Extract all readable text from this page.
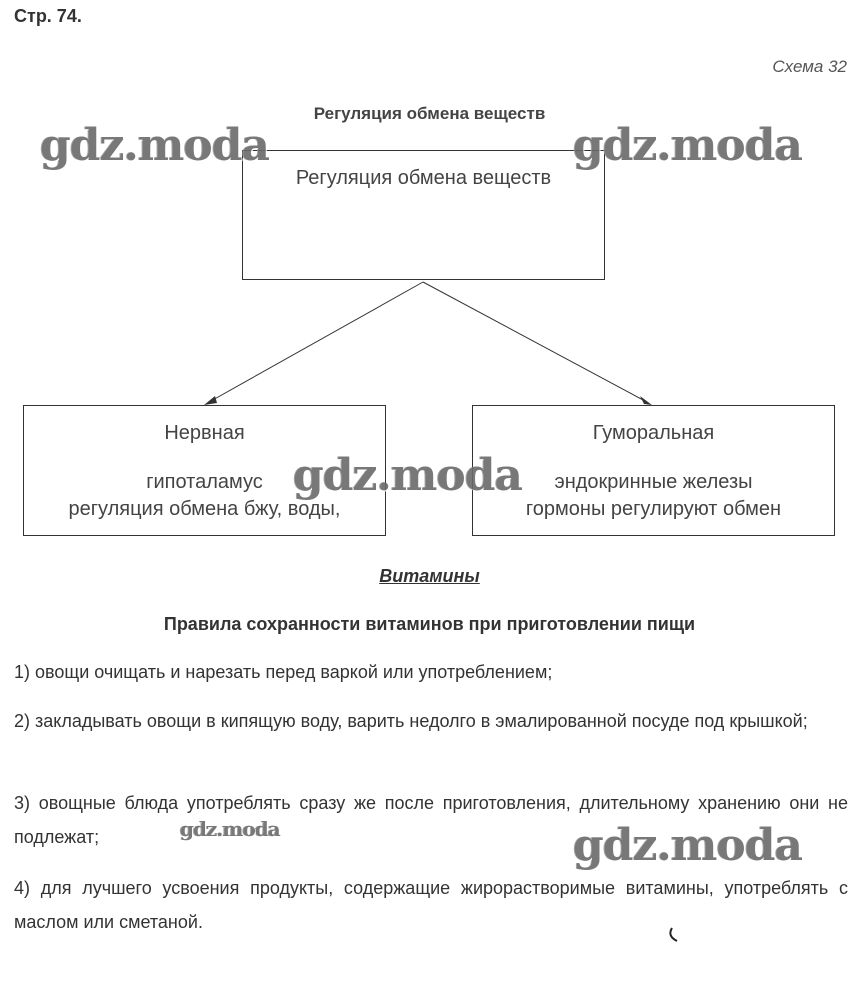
Стр. 74.
Схема 32
Регуляция обмена веществ
Регуляция обмена веществ
Нервная
гипоталамус
регуляция обмена бжу, воды,
Гуморальная
эндокринные железы
гормоны регулируют обмен
Витамины
Правила сохранности витаминов при приготовлении пищи
1) овощи очищать и нарезать перед варкой или употреблением;
2) закладывать овощи в кипящую воду, варить недолго в эмалированной посуде под крышкой;
3) овощные блюда употреблять сразу же после приготовления, длительному хранению они не подлежат;
4) для лучшего усвоения продукты, содержащие жирорастворимые витамины, употреблять с маслом или сметаной.
gdz.moda	gdz.moda
gdz.moda
gdz.moda	gdz.moda
